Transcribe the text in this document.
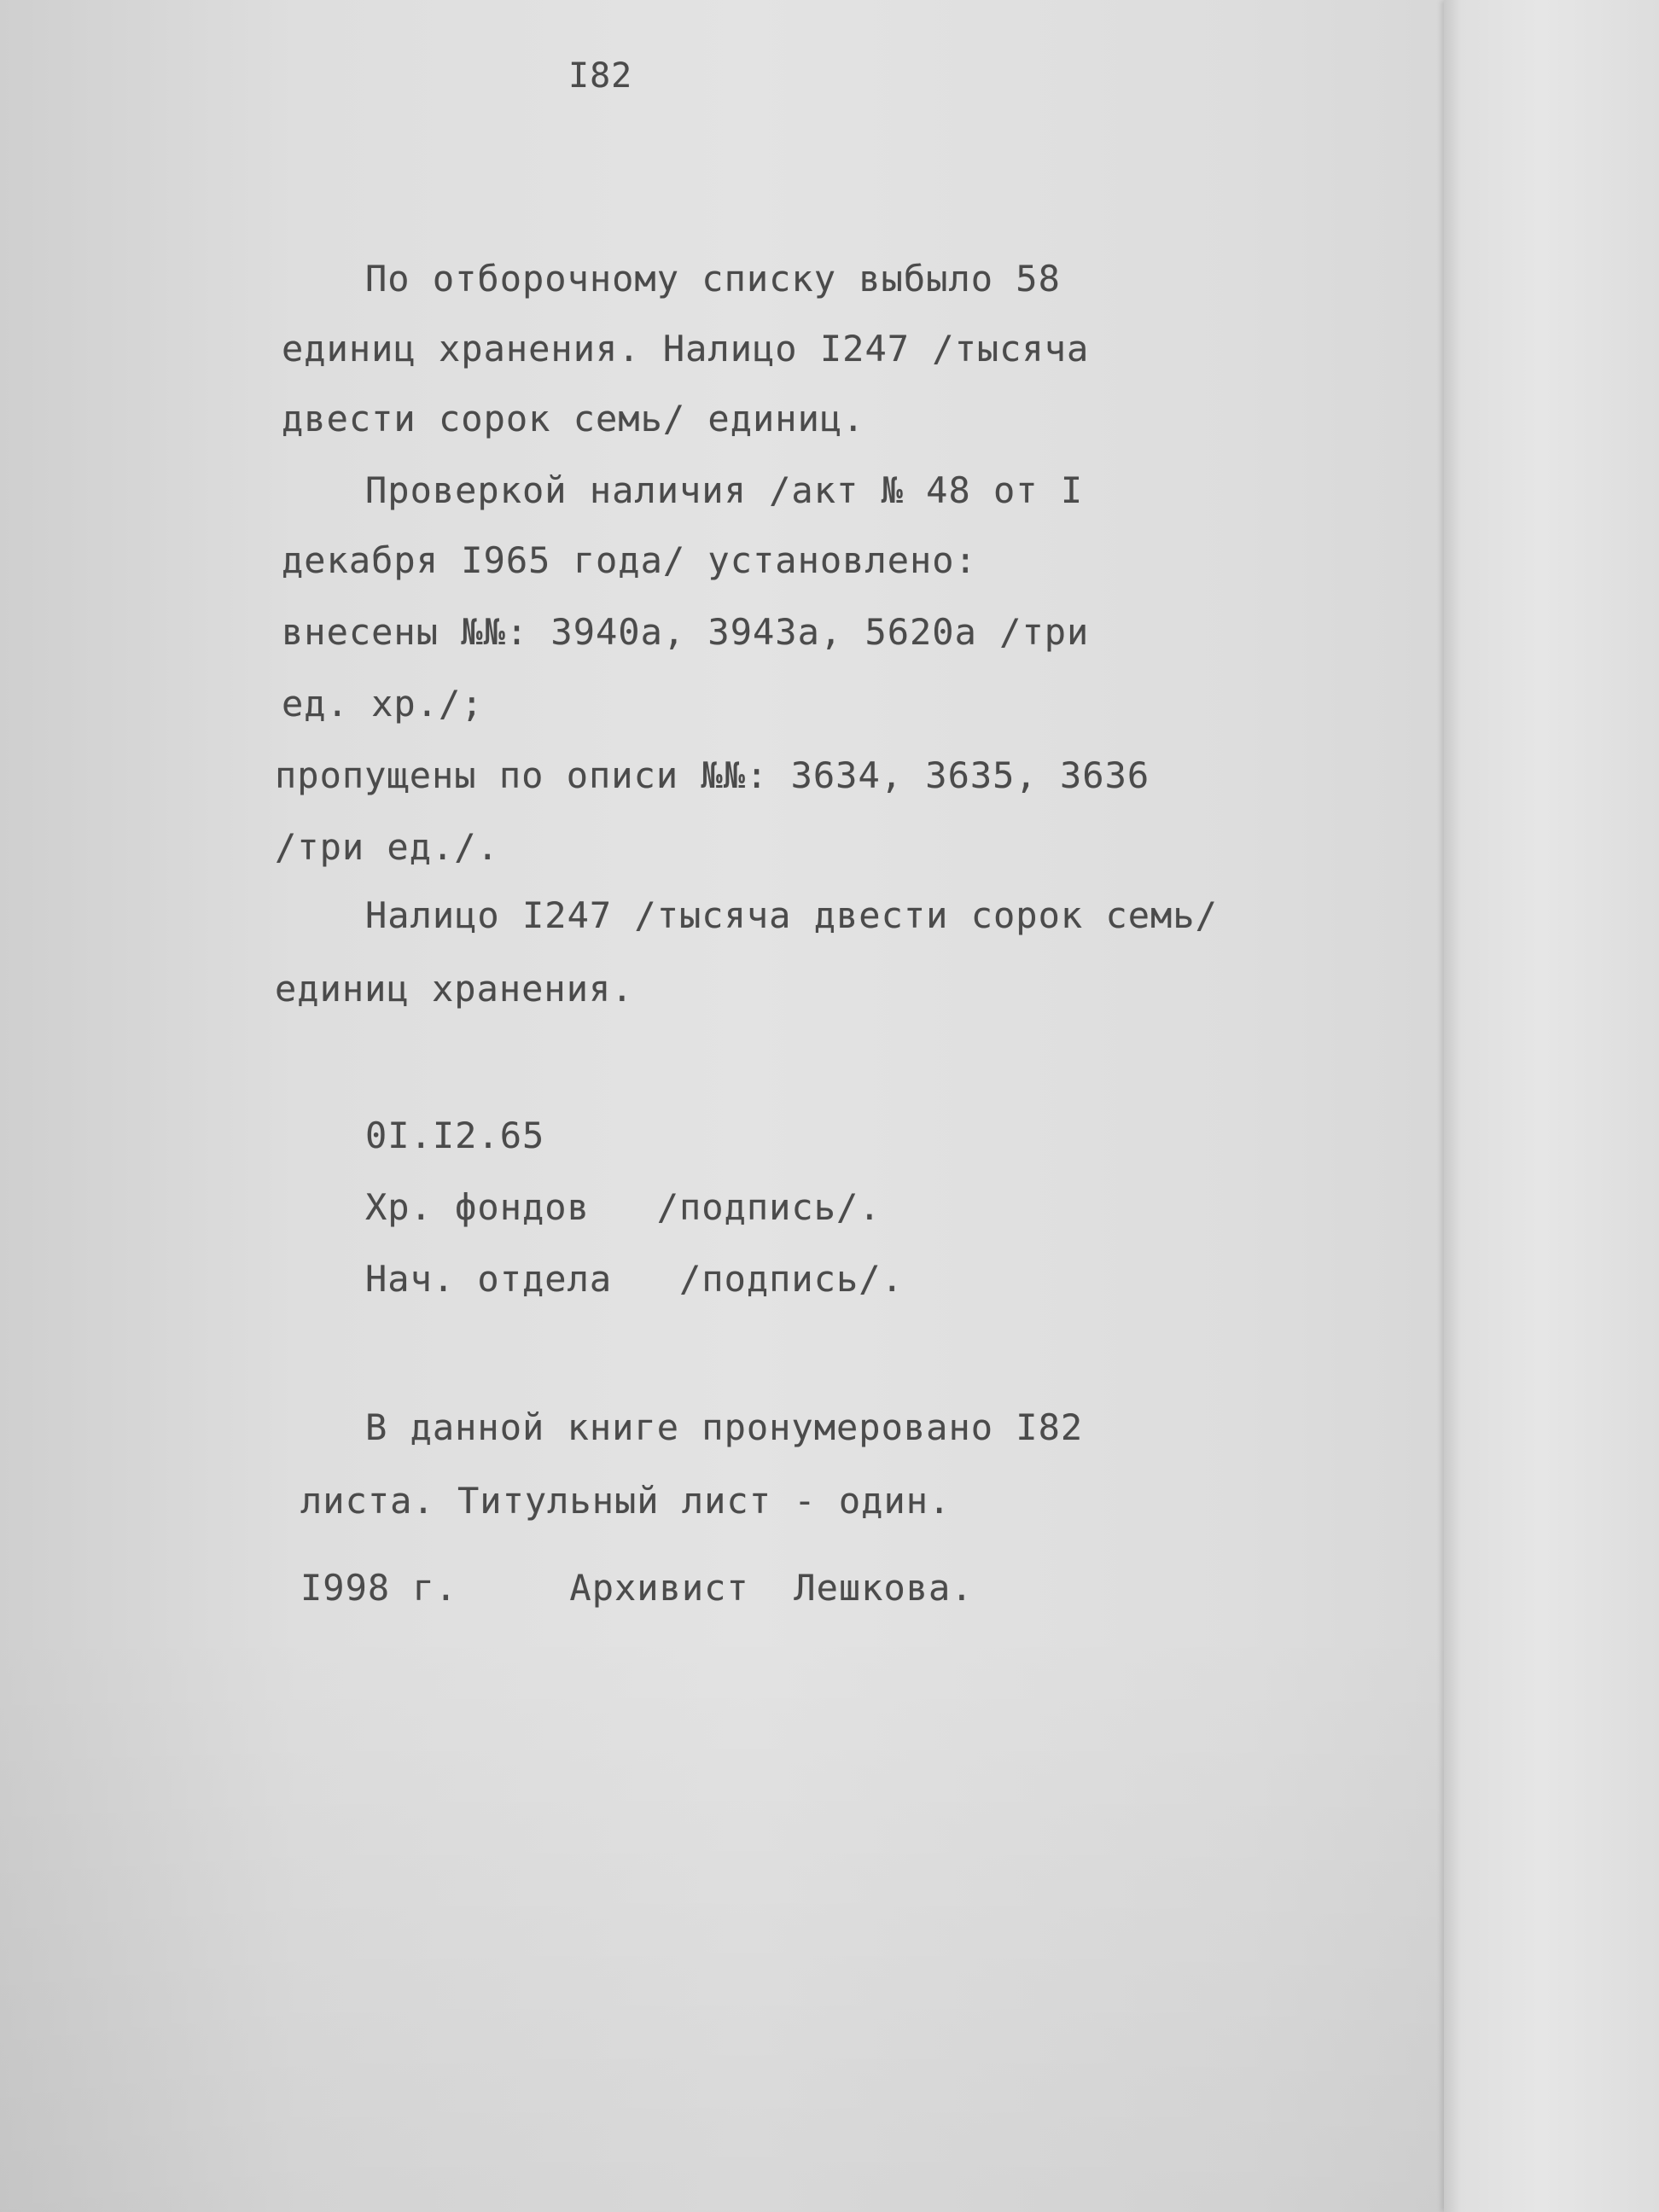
I82
По отборочному списку выбыло 58
единиц хранения. Налицо I247 /тысяча
двести сорок семь/ единиц.
Проверкой наличия /акт № 48 от I
декабря I965 года/ установлено:
внесены №№: 3940а, 3943а, 5620а /три
ед. хр./;
пропущены по описи №№: 3634, 3635, 3636
/три ед./.
Налицо I247 /тысяча двести сорок семь/
единиц хранения.
0I.I2.65
Хр. фондов   /подпись/.
Нач. отдела   /подпись/.
В данной книге пронумеровано I82
листа. Титульный лист - один.
I998 г.     Архивист  Лешкова.
